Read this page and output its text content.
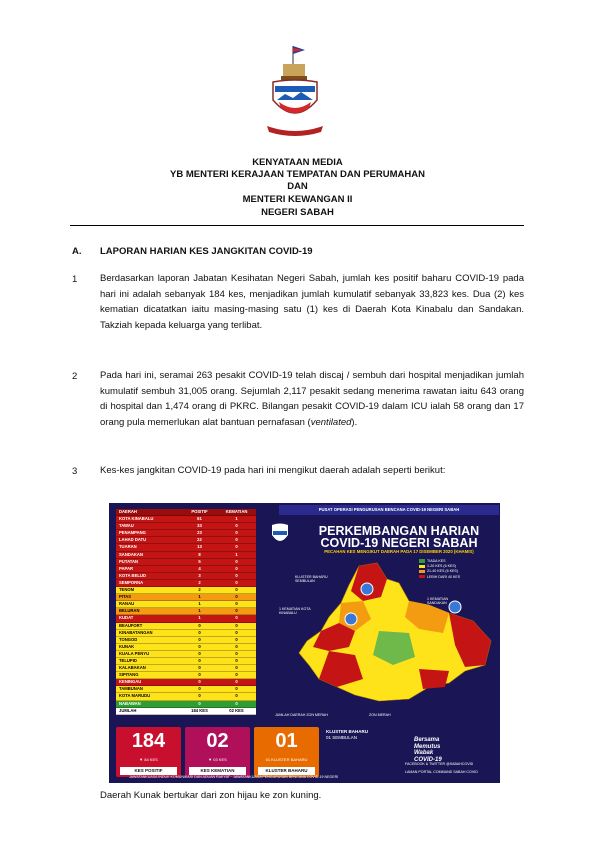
KENYATAAN MEDIA
YB MENTERI KERAJAAN TEMPATAN DAN PERUMAHAN
DAN
MENTERI KEWANGAN II
NEGERI SABAH
A. LAPORAN HARIAN KES JANGKITAN COVID-19
1 Berdasarkan laporan Jabatan Kesihatan Negeri Sabah, jumlah kes positif baharu COVID-19 pada hari ini adalah sebanyak 184 kes, menjadikan jumlah kumulatif sebanyak 33,823 kes. Dua (2) kes kematian dicatatkan iaitu masing-masing satu (1) kes di Daerah Kota Kinabalu dan Sandakan. Takziah kepada keluarga yang terlibat.
2 Pada hari ini, seramai 263 pesakit COVID-19 telah discaj / sembuh dari hospital menjadikan jumlah kumulatif sembuh 31,005 orang. Sejumlah 2,117 pesakit sedang menerima rawatan iaitu 643 orang di hospital dan 1,474 orang di PKRC. Bilangan pesakit COVID-19 dalam ICU ialah 58 orang dan 17 orang pula memerlukan alat bantuan pernafasan (ventilated).
3 Kes-kes jangkitan COVID-19 pada hari ini mengikut daerah adalah seperti berikut:
DAERAH	POSITIF	KEMATIAN
KOTA KINABALU	61	1
TAWAU	33	0
PENAMPANG	23	0
LAHAD DATU	22	0
TUARAN	13	0
SANDAKAN	8	1
PUTATAN	5	0
PAPAR	4	0
KOTA BELUD	3	0
SEMPORNA	2	0
TENOM	2	0
PITAS	1	0
RANAU	1	0
BELURAN	1	0
KUDAT	1	0
BEAUFORT	0	0
KINABATANGAN	0	0
TONGOD	0	0
KUNAK	0	0
KUALA PENYU	0	0
TELUPID	0	0
KALABAKAN	0	0
SIPITANG	0	0
KENINGAU	0	0
TAMBUNAN	0	0
KOTA MARUDU	0	0
NABAWAN	0	0
JUMLAH	184 KES	02 KES
PUSAT OPERASI PENGURUSAN BENCANA COVID-19 NEGERI SABAH
PERKEMBANGAN HARIAN
COVID-19 NEGERI SABAH
PECAHAN KES MENGIKUT DAERAH PADA 17 DISEMBER 2020 (KHAMIS)
TIADA KES
1-20 KES (6 KES)
21-40 KES (6 KES)
LEBIH DARI 40 KES
KLUSTER BAHARU SEMBULAN
1 KEMATIAN KOTA KINABALU
1 KEMATIAN SANDAKAN
JUMLAH DAERAH ZON MERAH	ZON MERAH
184
▼ 84 KES
KES POSITIF
02
▼ 03 KES
KES KEMATIAN
01
01 KLUSTER BAHARU
KLUSTER BAHARU
KLUSTER BAHARU
01 SEMBULAN	Bersama
Memutus
Wabak
COVID-19
FACEBOOK & TWITTER @SABAHCOVID
LAMAN PORTAL COMMAND SABAH COVID
JAWATANKUASA INDUK KOMUNIKASI DAN ADUAN RAKYAT · JAWATANKUASA PENGURUSAN BENCANA COVID-19 NEGERI
Daerah Kunak bertukar dari zon hijau ke zon kuning.
